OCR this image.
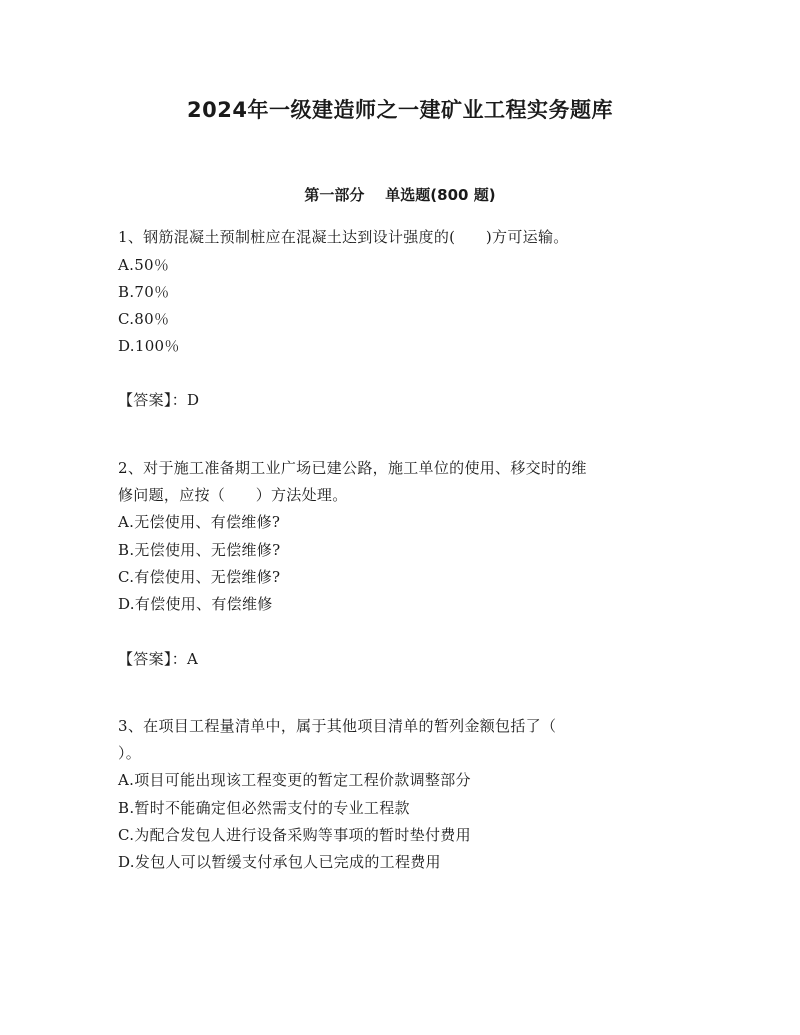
2024年一级建造师之一建矿业工程实务题库
第一部分    单选题(800 题)
1、钢筋混凝土预制桩应在混凝土达到设计强度的(　　)方可运输。
A.50％
B.70％
C.80％
D.100％
【答案】：D
2、对于施工准备期工业广场已建公路，施工单位的使用、移交时的维
修问题，应按（　　）方法处理。
A.无偿使用、有偿维修?
B.无偿使用、无偿维修?
C.有偿使用、无偿维修?
D.有偿使用、有偿维修
【答案】：A
3、在项目工程量清单中，属于其他项目清单的暂列金额包括了（
）。
A.项目可能出现该工程变更的暂定工程价款调整部分
B.暂时不能确定但必然需支付的专业工程款
C.为配合发包人进行设备采购等事项的暂时垫付费用
D.发包人可以暂缓支付承包人已完成的工程费用
